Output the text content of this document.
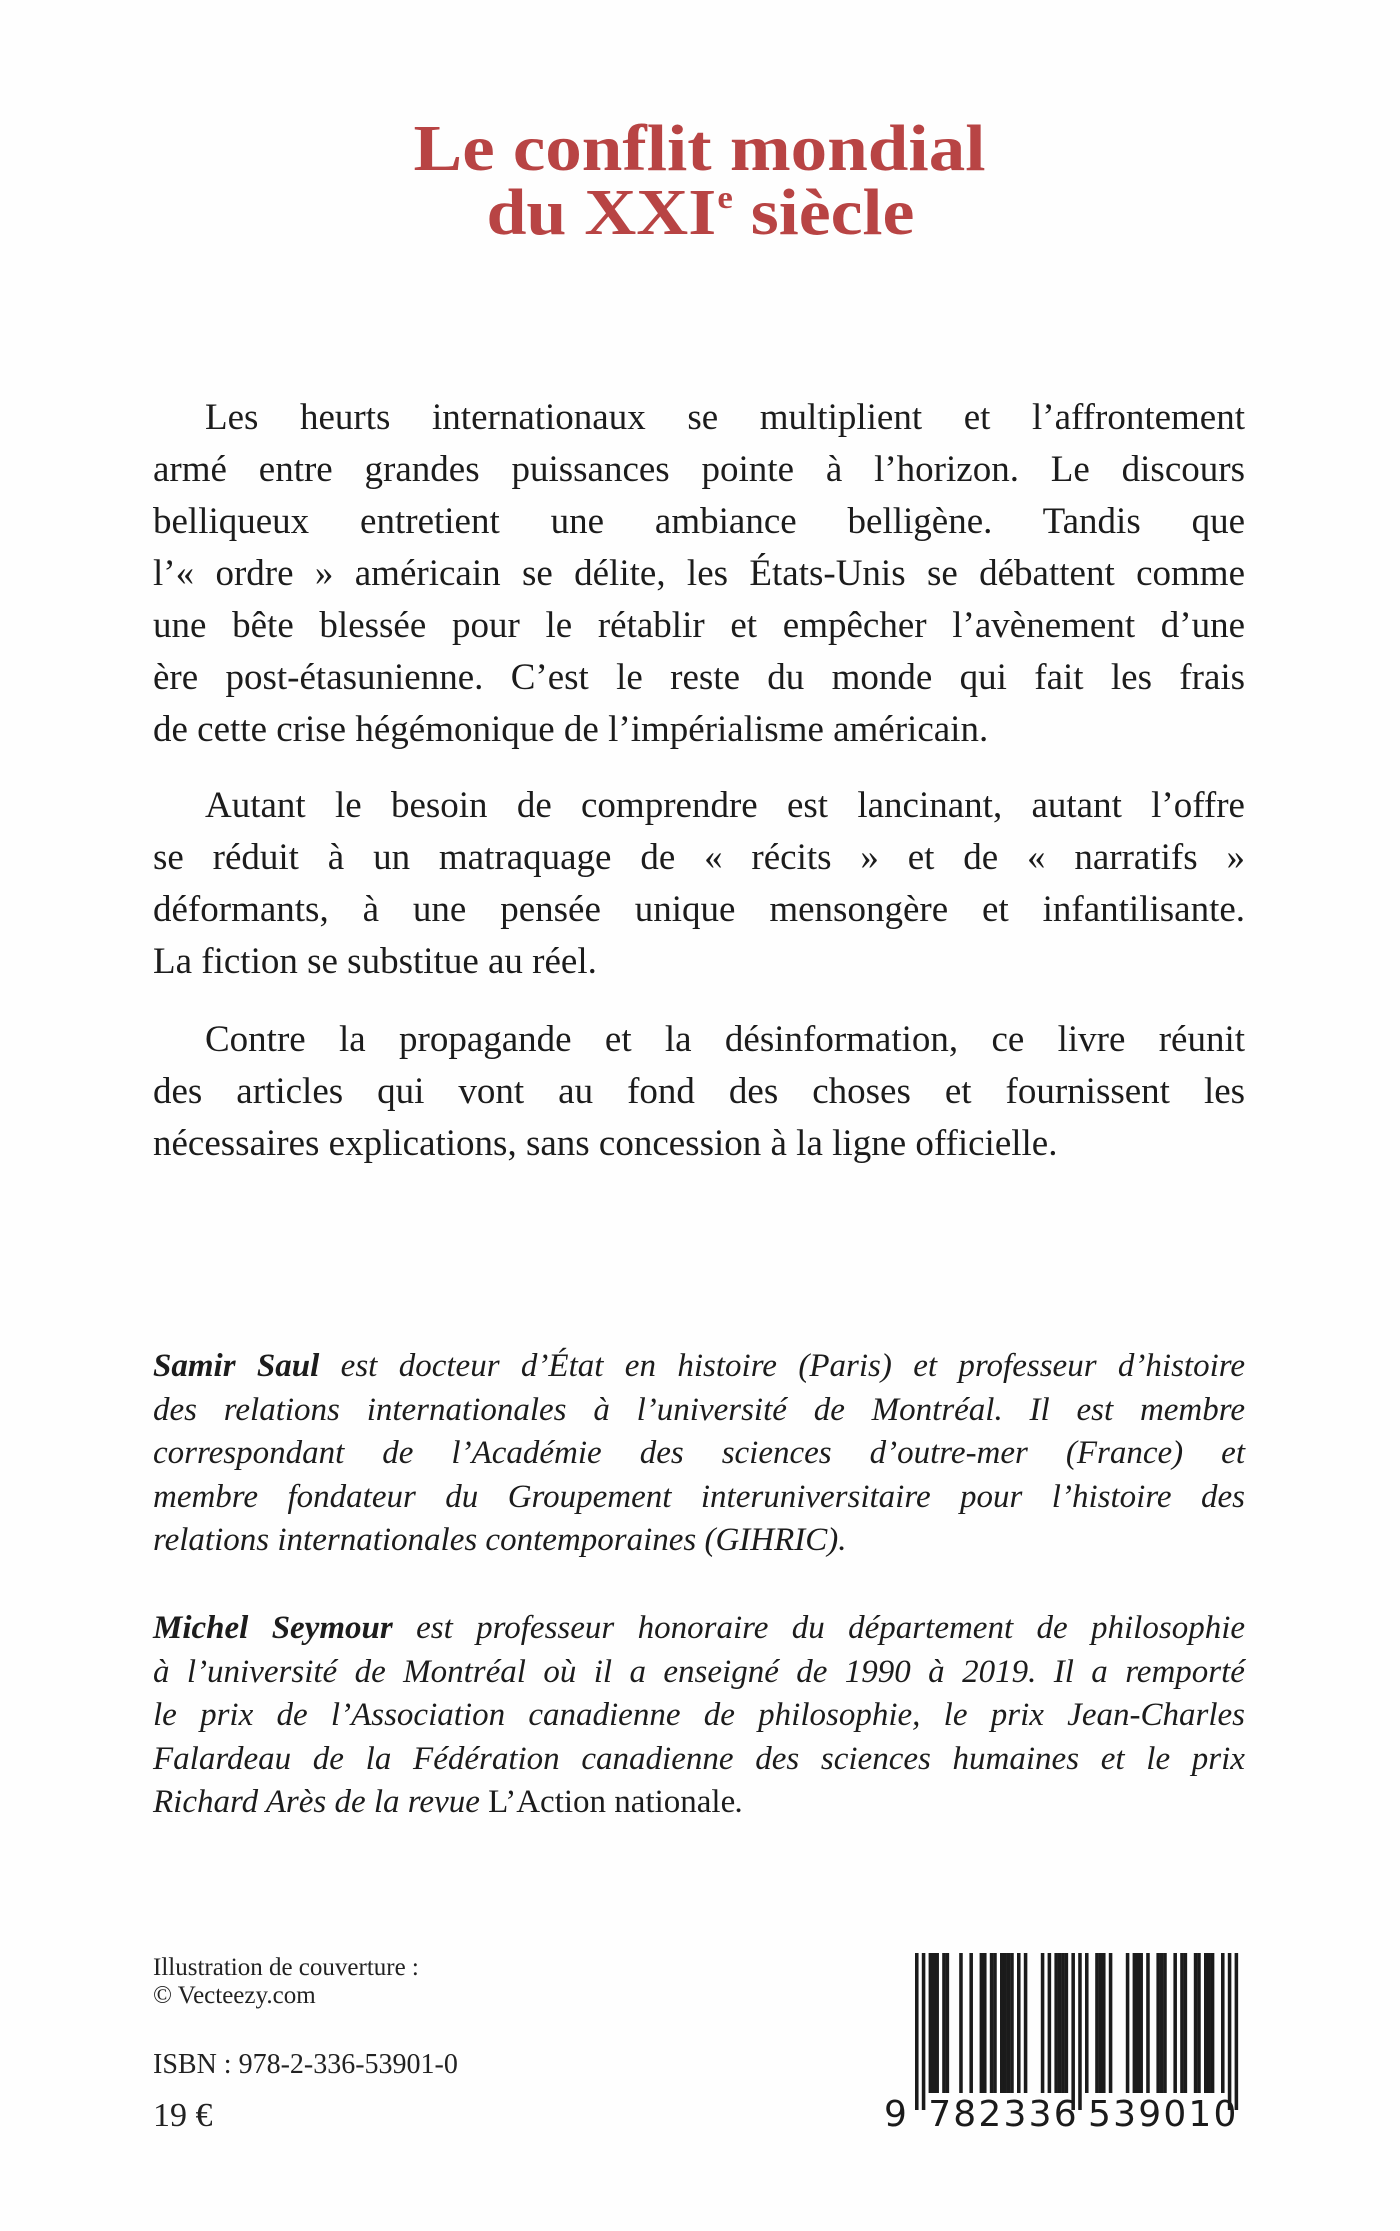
Le conflit mondial
du XXIe siècle
Les heurts internationaux se multiplient et l’affrontement
armé entre grandes puissances pointe à l’horizon. Le discours
belliqueux entretient une ambiance belligène. Tandis que
l’« ordre » américain se délite, les États-Unis se débattent comme
une bête blessée pour le rétablir et empêcher l’avènement d’une
ère post-étasunienne. C’est le reste du monde qui fait les frais
de cette crise hégémonique de l’impérialisme américain.
Autant le besoin de comprendre est lancinant, autant l’offre
se réduit à un matraquage de « récits » et de « narratifs »
déformants, à une pensée unique mensongère et infantilisante.
La fiction se substitue au réel.
Contre la propagande et la désinformation, ce livre réunit
des articles qui vont au fond des choses et fournissent les
nécessaires explications, sans concession à la ligne officielle.
Samir Saul est docteur d’État en histoire (Paris) et professeur d’histoire
des relations internationales à l’université de Montréal. Il est membre
correspondant de l’Académie des sciences d’outre-mer (France) et
membre fondateur du Groupement interuniversitaire pour l’histoire des
relations internationales contemporaines (GIHRIC).
Michel Seymour est professeur honoraire du département de philosophie
à l’université de Montréal où il a enseigné de 1990 à 2019. Il a remporté
le prix de l’Association canadienne de philosophie, le prix Jean-Charles
Falardeau de la Fédération canadienne des sciences humaines et le prix
Richard Arès de la revue L’Action nationale.
Illustration de couverture :
© Vecteezy.com
ISBN : 978-2-336-53901-0
19 €	9 782336 539010
